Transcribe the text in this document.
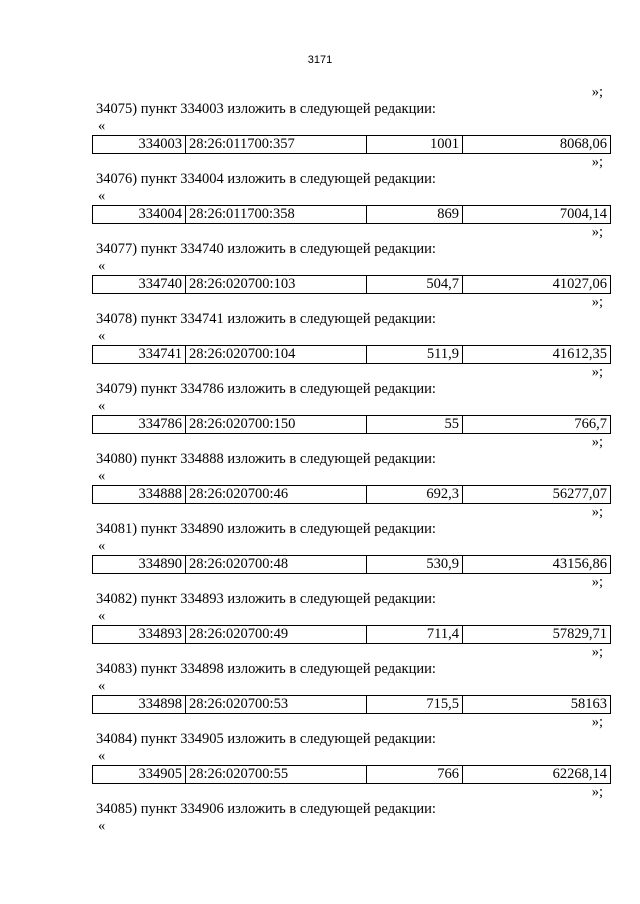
3171
»;
34075) пункт 334003 изложить в следующей редакции:
«
334003	28:26:011700:357	1001	8068,06
»;
34076) пункт 334004 изложить в следующей редакции:
«
334004	28:26:011700:358	869	7004,14
»;
34077) пункт 334740 изложить в следующей редакции:
«
334740	28:26:020700:103	504,7	41027,06
»;
34078) пункт 334741 изложить в следующей редакции:
«
334741	28:26:020700:104	511,9	41612,35
»;
34079) пункт 334786 изложить в следующей редакции:
«
334786	28:26:020700:150	55	766,7
»;
34080) пункт 334888 изложить в следующей редакции:
«
334888	28:26:020700:46	692,3	56277,07
»;
34081) пункт 334890 изложить в следующей редакции:
«
334890	28:26:020700:48	530,9	43156,86
»;
34082) пункт 334893 изложить в следующей редакции:
«
334893	28:26:020700:49	711,4	57829,71
»;
34083) пункт 334898 изложить в следующей редакции:
«
334898	28:26:020700:53	715,5	58163
»;
34084) пункт 334905 изложить в следующей редакции:
«
334905	28:26:020700:55	766	62268,14
»;
34085) пункт 334906 изложить в следующей редакции:
«
